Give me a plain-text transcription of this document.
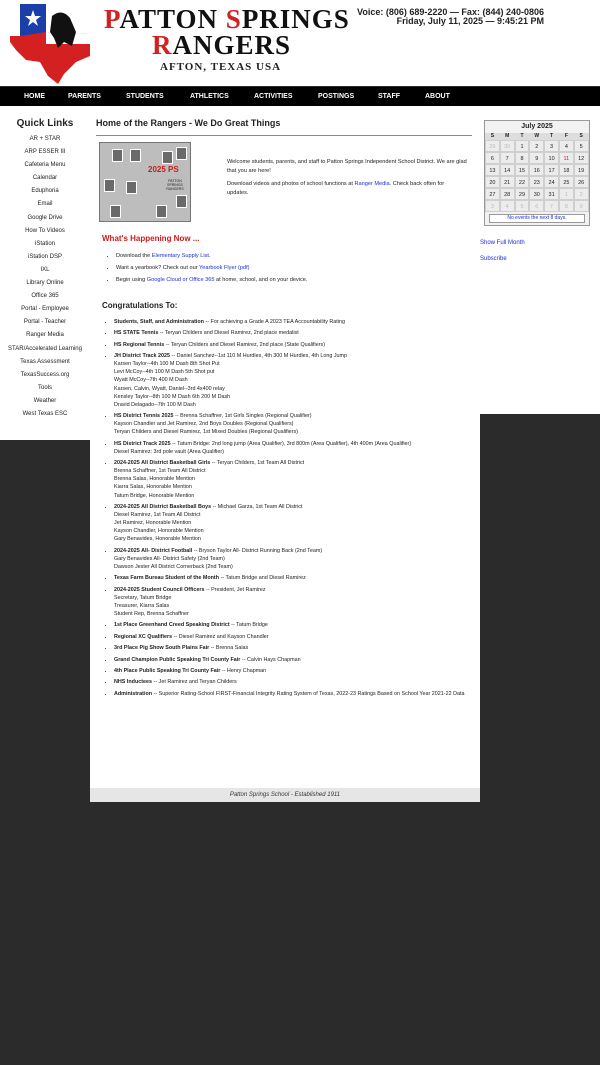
PATTON SPRINGS
RANGERS
AFTON, TEXAS USA
Voice: (806) 689-2220 — Fax: (844) 240-0806
Friday, July 11, 2025 — 9:45:21 PM
HOME	PARENTS	STUDENTS	ATHLETICS	ACTIVITIES	POSTINGS	STAFF	ABOUT
Quick Links
AR + STAR
ARP ESSER III
Cafeteria Menu
Calendar
Eduphoria
Email
Google Drive
How To Videos
iStation
iStation DSP
IXL
Library Online
Office 365
Portal - Employee
Portal - Teacher
Ranger Media
STAR/Accelerated Learning
Texas Assessment
TexasSuccess.org
Tools
Weather
West Texas ESC
Home of the Rangers - We Do Great Things
2025 PS
PATTON SPRINGS RANGERS
Welcome students, parents, and staff to Patton Springs Independent School District. We are glad that you are here!
Download videos and photos of school functions at Ranger Media. Check back often for updates.
What's Happening Now ...
• Download the Elementary Supply List.
• Want a yearbook? Check out our Yearbook Flyer (pdf)
• Begin using Google Cloud or Office 365 at home, school, and on your device.
Congratulations To:
• Students, Staff, and Administration -- For achieving a Grade A 2023 TEA Accountability Rating
• HS STATE Tennis -- Teryan Childers and Diesel Ramirez, 2nd place medalist
• HS Regional Tennis -- Teryan Childers and Diesel Ramirez, 2nd place (State Qualifiers)
• JH District Track 2025 -- Daniel Sanchez--1st 110 M Hurdles, 4th 300 M Hurdles, 4th Long Jump
Karsen Taylor--4th 100 M Dash 8th Shot Put
Levi McCoy--4th 100 M Dash 5th Shot put
Wyatt McCoy--7th 400 M Dash
Karsen, Calvin, Wyatt, Daniel--3rd 4x400 relay
Kensley Taylor--8th 100 M Dash 6th 200 M Dash
Dravid Delagado--7th 100 M Dash
• HS District Tennis 2025 -- Brenna Schaffner, 1st Girls Singles (Regional Qualifier)
Kayson Chandler and Jet Ramirez, 2nd Boys Doubles (Regional Qualifiers)
Teryan Childers and Diesel Ramirez, 1st Mixed Doubles (Regional Qualifiers)
• HS District Track 2025 -- Tatum Bridge: 2nd long jump (Area Qualifier), 3rd 800m (Area Qualifier), 4th 400m (Area Qualifier)
Diesel Ramirez: 3rd pole vault (Area Qualifier)
• 2024-2025 All District Basketball Girls -- Teryan Childers, 1st Team All District
Brenna Schaffner, 1st Team All District
Brenna Salas, Honorable Mention
Kiarra Salas, Honorable Mention
Tatum Bridge, Honorable Mention
• 2024-2025 All District Basketball Boys -- Michael Garza, 1st Team All District
Diesel Ramirez, 1st Team All District
Jet Ramirez, Honorable Mention
Kayson Chandler, Honorable Mention
Gary Benavides, Honorable Mention
• 2024-2025 All- District Football -- Bryson Taylor All- District Running Back (2nd Team)
Gary Benavides All- District Safety (2nd Team)
Dawson Jester All District Cornerback (2nd Team)
• Texas Farm Bureau Student of the Month -- Tatum Bridge and Diesel Ramirez
• 2024-2025 Student Council Officers -- President, Jet Ramirez
Secretary, Tatum Bridge
Treasurer, Kiarra Salas
Student Rep, Brenna Schaffner
• 1st Place Greenhand Creed Speaking District -- Tatum Bridge
• Regional XC Qualifiers -- Diesel Ramirez and Kayson Chandler
• 3rd Place Pig Show South Plains Fair -- Brenna Salas
• Grand Champion Public Speaking Tri County Fair -- Calvin Hays Chapman
• 4th Place Public Speaking Tri County Fair -- Henry Chapman
• NHS Inductees -- Jet Ramirez and Teryan Childers
• Administration -- Superior Rating-School FIRST-Financial Integrity Rating System of Texas, 2022-23 Ratings Based on School Year 2021-22 Data
July 2025
S	M	T	W	T	F	S
29	30	1	2	3	4	5
6	7	8	9	10	11	12
13	14	15	16	17	18	19
20	21	22	23	24	25	26
27	28	29	30	31	1	2
3	4	5	6	7	8	9
No events the next 8 days.
Show Full Month
Subscribe
Patton Springs School - Established 1911
